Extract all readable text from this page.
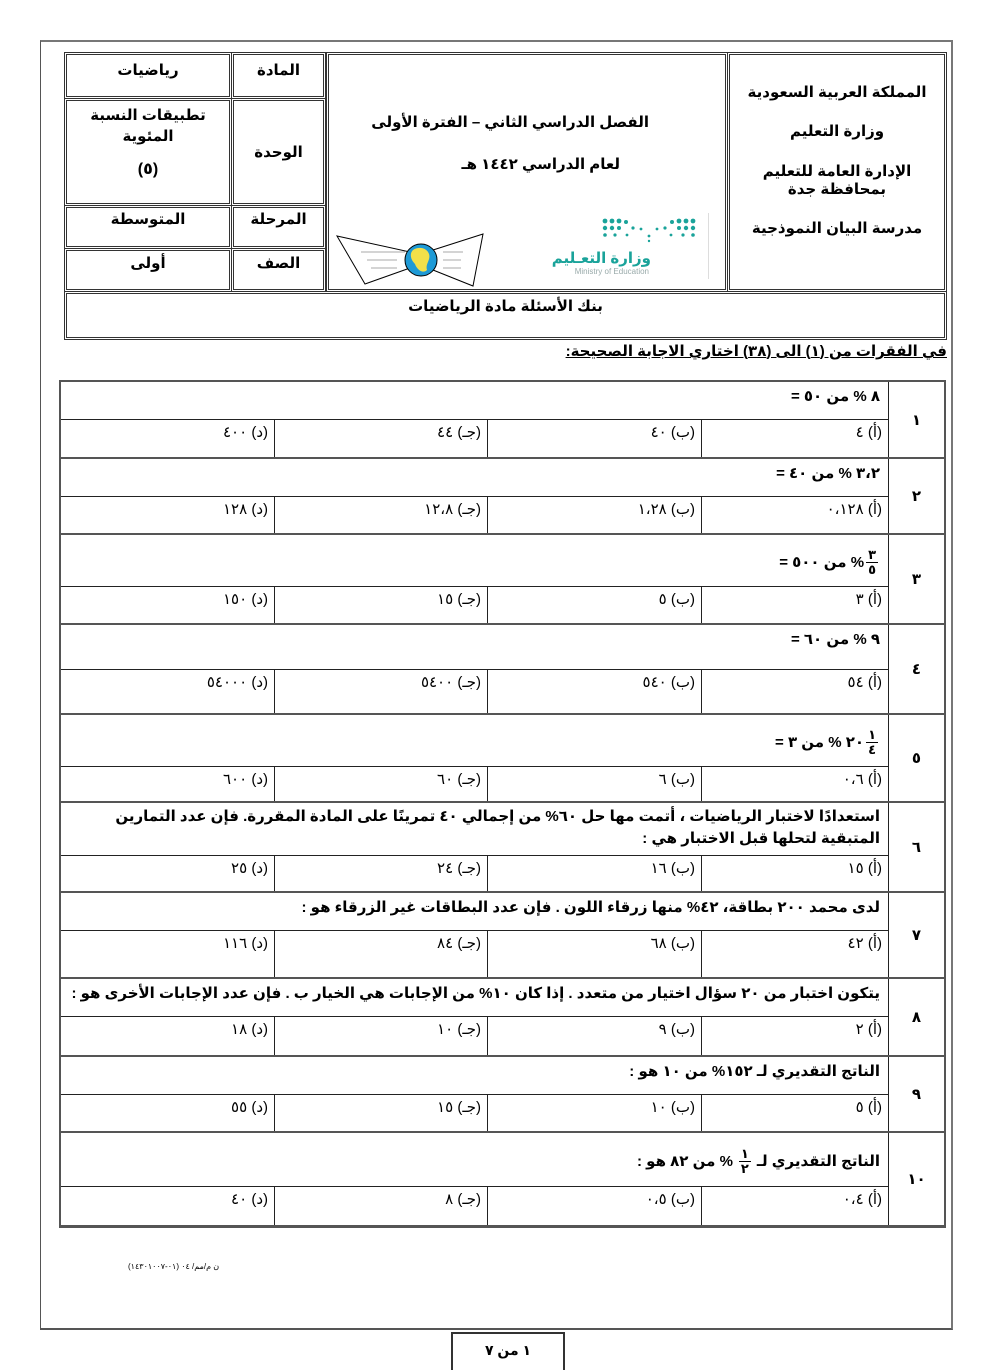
المملكة العربية السعودية
وزارة التعليم
الإدارة العامة للتعليم
بمحافظة جدة
مدرسة البيان النموذجية
الفصل الدراسي الثاني – الفترة الأولى
لعام الدراسي ١٤٤٢ هـ
وزارة التعـليم
Ministry of Education
المادة
رياضيات
الوحدة
تطبيقات النسبة
المئوية
(٥)
المرحلة
المتوسطة
الصف
أولى
بنك الأسئلة مادة الرياضيات
في الفقرات من (١) الى (٣٨) اختاري الاجابة الصحيحة:
١
٨ % من ٥٠ =
(أ) ٤
(ب) ٤٠
(جـ) ٤٤
(د) ٤٠٠
٢
٣،٢ % من ٤٠ =
(أ) ٠،١٢٨
(ب) ١،٢٨
(جـ) ١٢،٨
(د) ١٢٨
٣
$\frac{٣}{٥}$
% من ٥٠٠ =
(أ) ٣
(ب) ٥
(جـ) ١٥
(د) ١٥٠
٤
٩ % من ٦٠ =
(أ) ٥٤
(ب) ٥٤٠
(جـ) ٥٤٠٠
(د) ٥٤٠٠٠
٥
$\frac{١}{٤}$
٢٠ % من ٣ =
(أ) ٠،٦
(ب) ٦
(جـ) ٦٠
(د) ٦٠٠
٦
استعدادًا لاختبار الرياضيات ، أتمت مها حل ٦٠% من إجمالي ٤٠ تمرينًا على المادة المقررة. فإن عدد التمارين المتبقية لتحلها قبل الاختبار هي :
(أ) ١٥
(ب) ١٦
(جـ) ٢٤
(د) ٢٥
٧
لدى محمد ٢٠٠ بطاقة، ٤٢% منها زرقاء اللون . فإن عدد البطاقات غير الزرقاء هو :
(أ) ٤٢
(ب) ٦٨
(جـ) ٨٤
(د) ١١٦
٨
يتكون اختبار من ٢٠ سؤال اختيار من متعدد . إذا كان ١٠% من الإجابات هي الخيار ب . فإن عدد الإجابات الأخرى هو :
(أ) ٢
(ب) ٩
(جـ) ١٠
(د) ١٨
٩
الناتج التقديري لـ ١٥٢% من ١٠ هو :
(أ) ٥
(ب) ١٠
(جـ) ١٥
(د) ٥٥
١٠
الناتج التقديري لـ
$\frac{١}{٢}$
% من ٨٢ هو :
(أ) ٠،٤
(ب) ٠،٥
(جـ) ٨
(د) ٤٠
ن م/مم/ ٠٤ (٠١-١٤٣٠١٠٠٧)
١ من ٧
